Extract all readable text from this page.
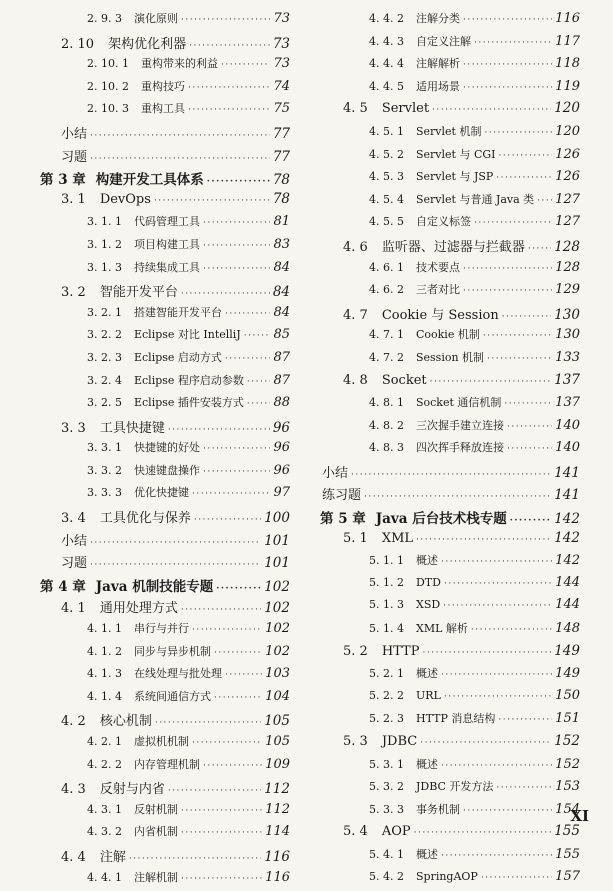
2. 9. 3 演化原则 ·····	73
2. 10 架构优化利器 ·····	73
2. 10. 1 重构带来的利益 ·····	73
2. 10. 2 重构技巧 ·····	74
2. 10. 3 重构工具 ·····	75
小结 ·····	77
习题 ·····	77
第 3 章 构建开发工具体系 ·····	78
3. 1 DevOps ·····	78
3. 1. 1 代码管理工具 ·····	81
3. 1. 2 项目构建工具 ·····	83
3. 1. 3 持续集成工具 ·····	84
3. 2 智能开发平台 ·····	84
3. 2. 1 搭建智能开发平台 ·····	84
3. 2. 2 Eclipse 对比 IntelliJ ·····	85
3. 2. 3 Eclipse 启动方式 ·····	87
3. 2. 4 Eclipse 程序启动参数 ····· 87
3. 2. 5 Eclipse 插件安装方式 ····· 88
3. 3 工具快捷键 ·····	96
3. 3. 1 快捷键的好处 ·····	96
3. 3. 2 快速键盘操作 ·····	96
3. 3. 3 优化快捷键 ·····	97
3. 4 工具优化与保养 ·····	100
小结 ·····	101
习题 ·····	101
第 4 章 Java 机制技能专题 ·····	102
4. 1 通用处理方式 ·····	102
4. 1. 1 串行与并行 ·····	102
4. 1. 2 同步与异步机制 ·····	102
4. 1. 3 在线处理与批处理 ·····	103
4. 1. 4 系统间通信方式 ·····	104
4. 2 核心机制 ·····	105
4. 2. 1 虚拟机机制 ·····	105
4. 2. 2 内存管理机制 ·····	109
4. 3 反射与内省 ·····	112
4. 3. 1 反射机制 ·····	112
4. 3. 2 内省机制 ·····	114
4. 4 注解 ·····	116
4. 4. 1 注解机制 ·····	116
4. 4. 2 注解分类 ·····	116
4. 4. 3 自定义注解 ·····	117
4. 4. 4 注解解析 ·····	118
4. 4. 5 适用场景 ·····	119
4. 5 Servlet ·····	120
4. 5. 1 Servlet 机制 ·····	120
4. 5. 2 Servlet 与 CGI ·····	126
4. 5. 3 Servlet 与 JSP ·····	126
4. 5. 4 Servlet 与普通 Java 类 ····· 127
4. 5. 5 自定义标签 ·····	127
4. 6 监听器、过滤器与拦截器 ····· 128
4. 6. 1 技术要点 ·····	128
4. 6. 2 三者对比 ·····	129
4. 7 Cookie 与 Session ·····	130
4. 7. 1 Cookie 机制 ·····	130
4. 7. 2 Session 机制 ·····	133
4. 8 Socket ·····	137
4. 8. 1 Socket 通信机制 ·····	137
4. 8. 2 三次握手建立连接 ·····	140
4. 8. 3 四次挥手释放连接 ·····	140
小结 ·····	141
练习题 ·····	141
第 5 章 Java 后台技术栈专题 ·····	142
5. 1 XML ·····	142
5. 1. 1 概述 ·····	142
5. 1. 2 DTD ·····	144
5. 1. 3 XSD ·····	144
5. 1. 4 XML 解析 ·····	148
5. 2 HTTP ·····	149
5. 2. 1 概述 ·····	149
5. 2. 2 URL ·····	150
5. 2. 3 HTTP 消息结构 ·····	151
5. 3 JDBC ·····	152
5. 3. 1 概述 ·····	152
5. 3. 2 JDBC 开发方法 ·····	153
5. 3. 3 事务机制 ·····	154
5. 4 AOP ·····	155
5. 4. 1 概述 ·····	155
5. 4. 2 SpringAOP ·····	157
XI
